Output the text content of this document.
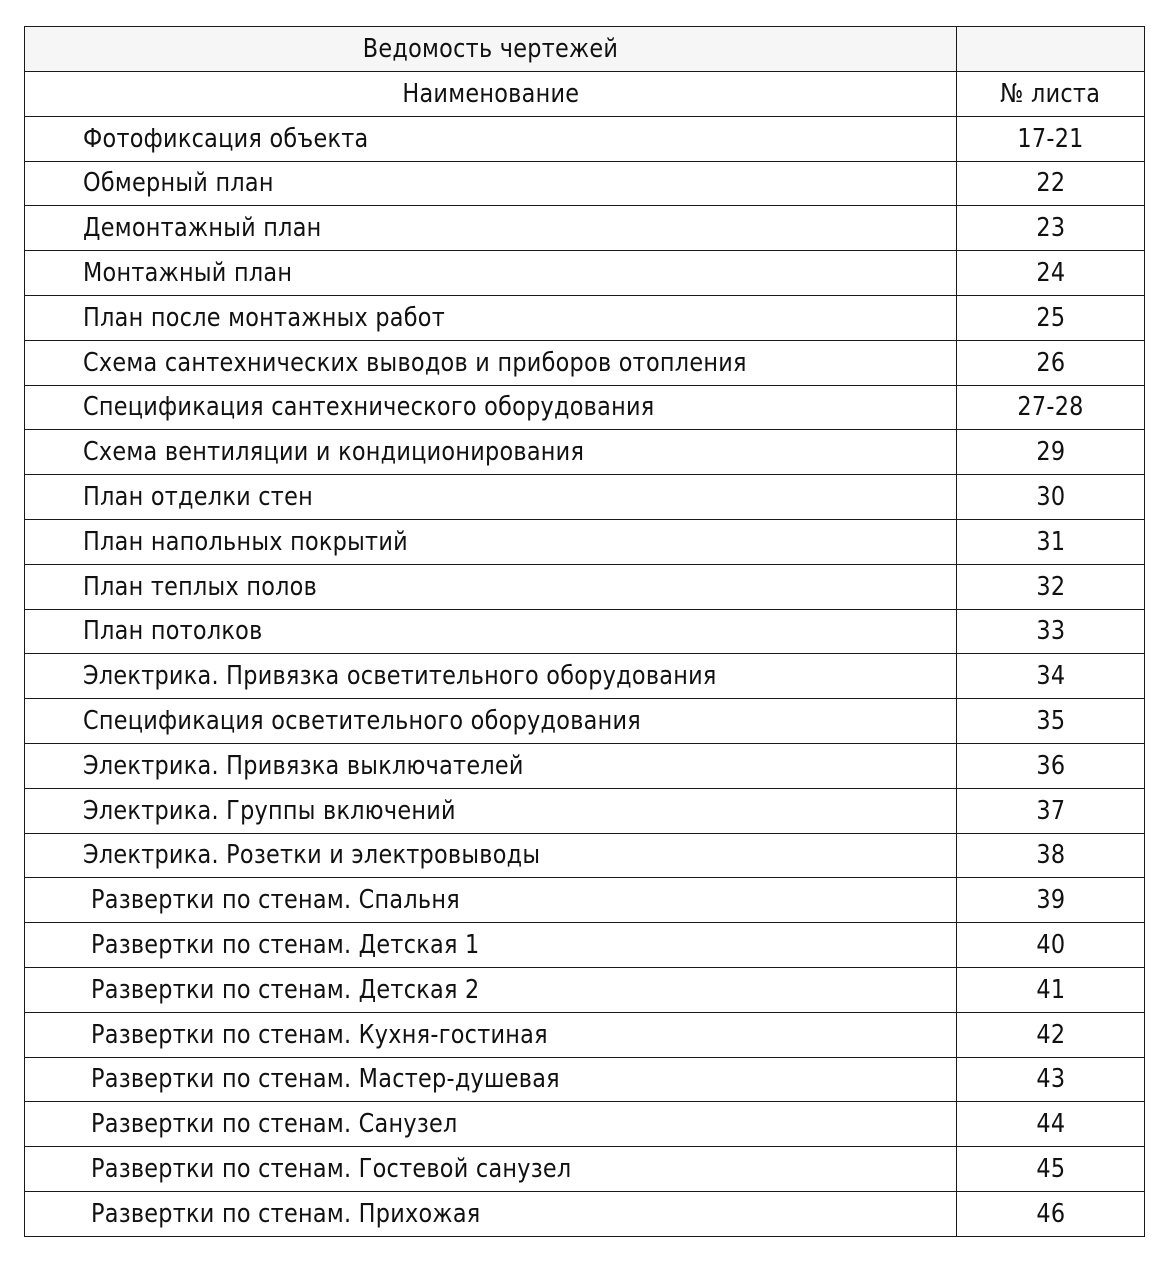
Ведомость чертежей	
Наименование	№ листа
Фотофиксация объекта	17-21
Обмерный план	22
Демонтажный план	23
Монтажный план	24
План после монтажных работ	25
Схема сантехнических выводов и приборов отопления	26
Спецификация сантехнического оборудования	27-28
Схема вентиляции и кондиционирования	29
План отделки стен	30
План напольных покрытий	31
План теплых полов	32
План потолков	33
Электрика. Привязка осветительного оборудования	34
Спецификация осветительного оборудования	35
Электрика. Привязка выключателей	36
Электрика. Группы включений	37
Электрика. Розетки и электровыводы	38
Развертки по стенам. Спальня	39
Развертки по стенам. Детская 1	40
Развертки по стенам. Детская 2	41
Развертки по стенам. Кухня-гостиная	42
Развертки по стенам. Мастер-душевая	43
Развертки по стенам. Санузел	44
Развертки по стенам. Гостевой санузел	45
Развертки по стенам. Прихожая	46
